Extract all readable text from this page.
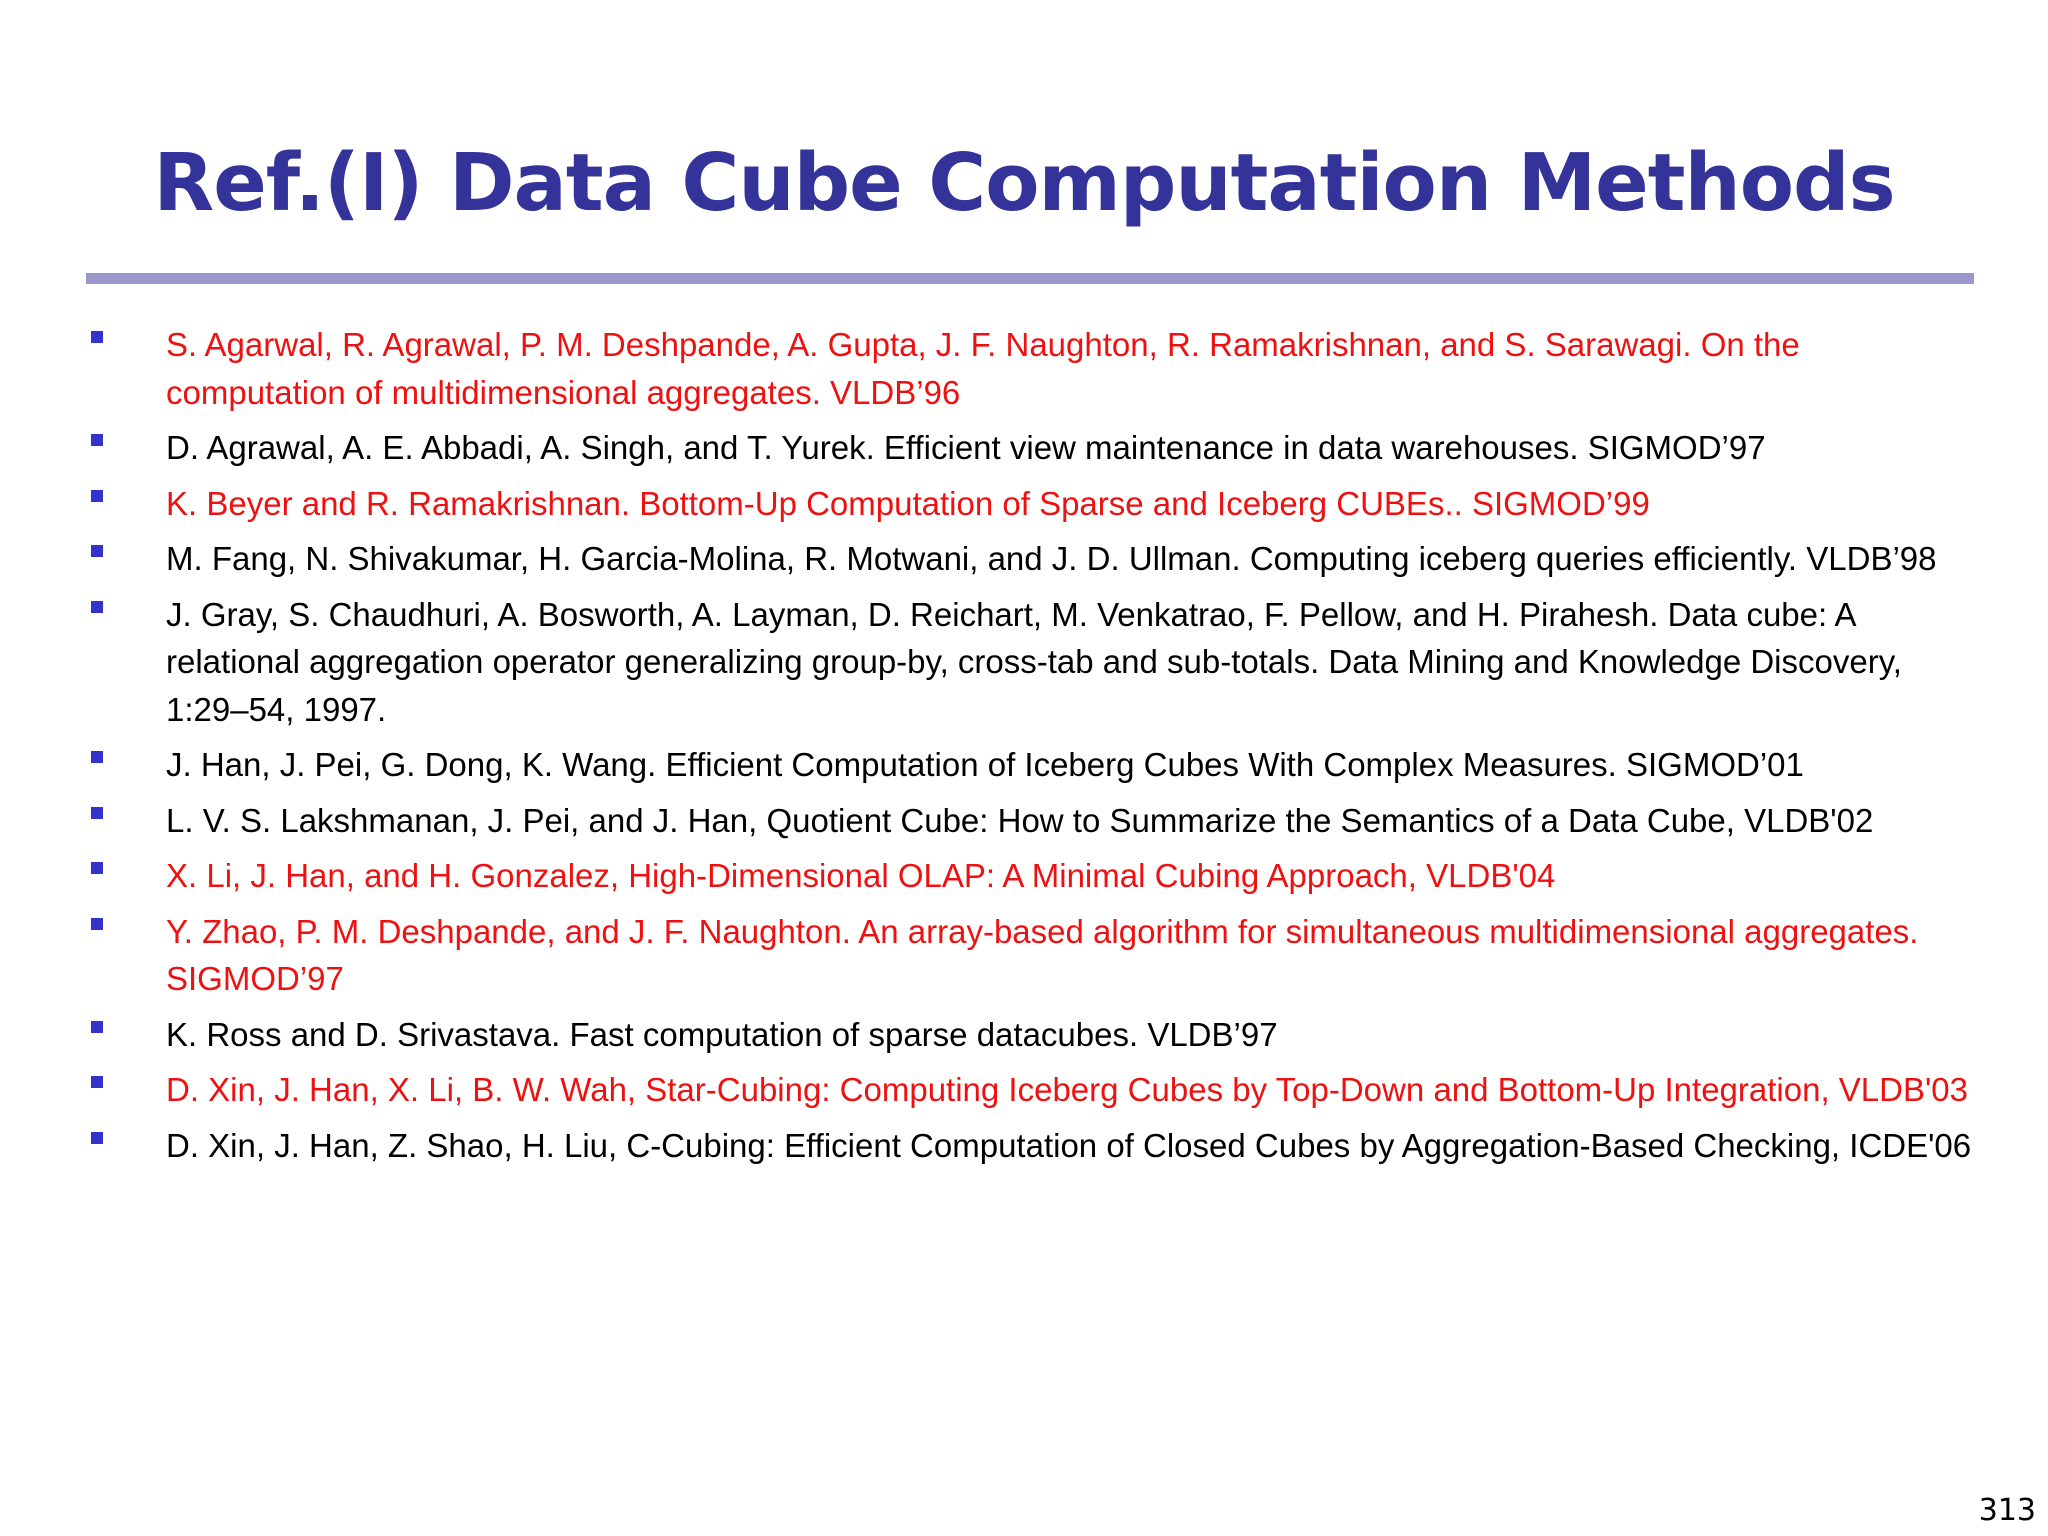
Ref.(I) Data Cube Computation Methods
S. Agarwal, R. Agrawal, P. M. Deshpande, A. Gupta, J. F. Naughton, R. Ramakrishnan, and S. Sarawagi. On the computation of multidimensional aggregates. VLDB’96
D. Agrawal, A. E. Abbadi, A. Singh, and T. Yurek. Efficient view maintenance in data warehouses. SIGMOD’97
K. Beyer and R. Ramakrishnan. Bottom-Up Computation of Sparse and Iceberg CUBEs.. SIGMOD’99
M. Fang, N. Shivakumar, H. Garcia-Molina, R. Motwani, and J. D. Ullman. Computing iceberg queries efficiently. VLDB’98
J. Gray, S. Chaudhuri, A. Bosworth, A. Layman, D. Reichart, M. Venkatrao, F. Pellow, and H. Pirahesh. Data cube: A relational aggregation operator generalizing group-by, cross-tab and sub-totals. Data Mining and Knowledge Discovery, 1:29–54, 1997.
J. Han, J. Pei, G. Dong, K. Wang. Efficient Computation of Iceberg Cubes With Complex Measures. SIGMOD’01
L. V. S. Lakshmanan, J. Pei, and J. Han, Quotient Cube: How to Summarize the Semantics of a Data Cube, VLDB'02
X. Li, J. Han, and H. Gonzalez, High-Dimensional OLAP: A Minimal Cubing Approach, VLDB'04
Y. Zhao, P. M. Deshpande, and J. F. Naughton. An array-based algorithm for simultaneous multidimensional aggregates. SIGMOD’97
K. Ross and D. Srivastava. Fast computation of sparse datacubes. VLDB’97
D. Xin, J. Han, X. Li, B. W. Wah, Star-Cubing: Computing Iceberg Cubes by Top-Down and Bottom-Up Integration, VLDB'03
D. Xin, J. Han, Z. Shao, H. Liu, C-Cubing: Efficient Computation of Closed Cubes by Aggregation-Based Checking, ICDE'06
313
